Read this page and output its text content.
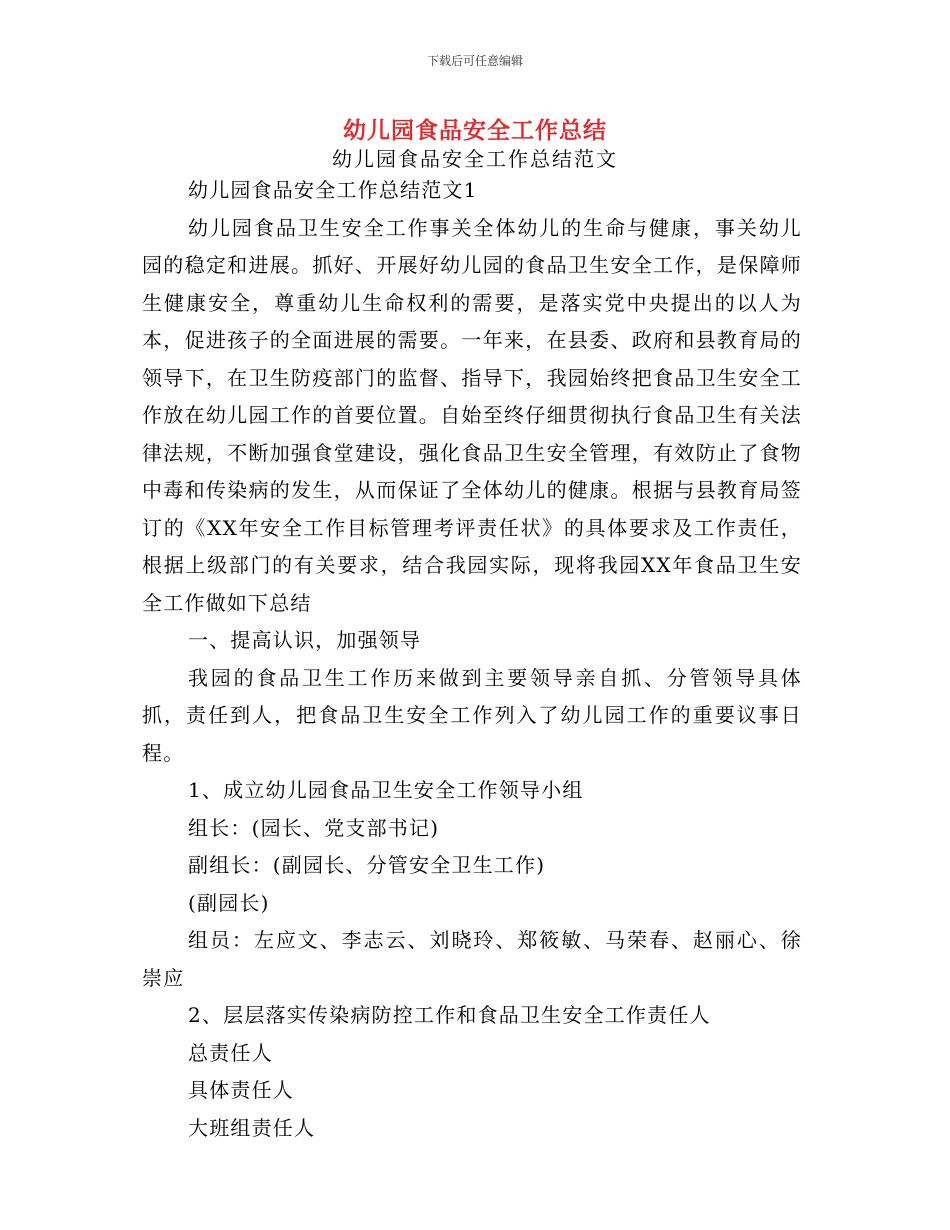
下载后可任意编辑
幼儿园食品安全工作总结
幼儿园食品安全工作总结范文

幼儿园食品安全工作总结范文1

幼儿园食品卫生安全工作事关全体幼儿的生命与健康，事关幼儿园的稳定和进展。抓好、开展好幼儿园的食品卫生安全工作，是保障师生健康安全，尊重幼儿生命权利的需要，是落实党中央提出的以人为本，促进孩子的全面进展的需要。一年来，在县委、政府和县教育局的领导下，在卫生防疫部门的监督、指导下，我园始终把食品卫生安全工作放在幼儿园工作的首要位置。自始至终仔细贯彻执行食品卫生有关法律法规，不断加强食堂建设，强化食品卫生安全管理，有效防止了食物中毒和传染病的发生，从而保证了全体幼儿的健康。根据与县教育局签订的《XX年安全工作目标管理考评责任状》的具体要求及工作责任，根据上级部门的有关要求，结合我园实际，现将我园XX年食品卫生安全工作做如下总结

一、提高认识，加强领导

我园的食品卫生工作历来做到主要领导亲自抓、分管领导具体抓，责任到人，把食品卫生安全工作列入了幼儿园工作的重要议事日程。

1、成立幼儿园食品卫生安全工作领导小组

组长：(园长、党支部书记)

副组长：(副园长、分管安全卫生工作)

(副园长)

组员：左应文、李志云、刘晓玲、郑筱敏、马荣春、赵丽心、徐崇应

2、层层落实传染病防控工作和食品卫生安全工作责任人

总责任人

具体责任人

大班组责任人
